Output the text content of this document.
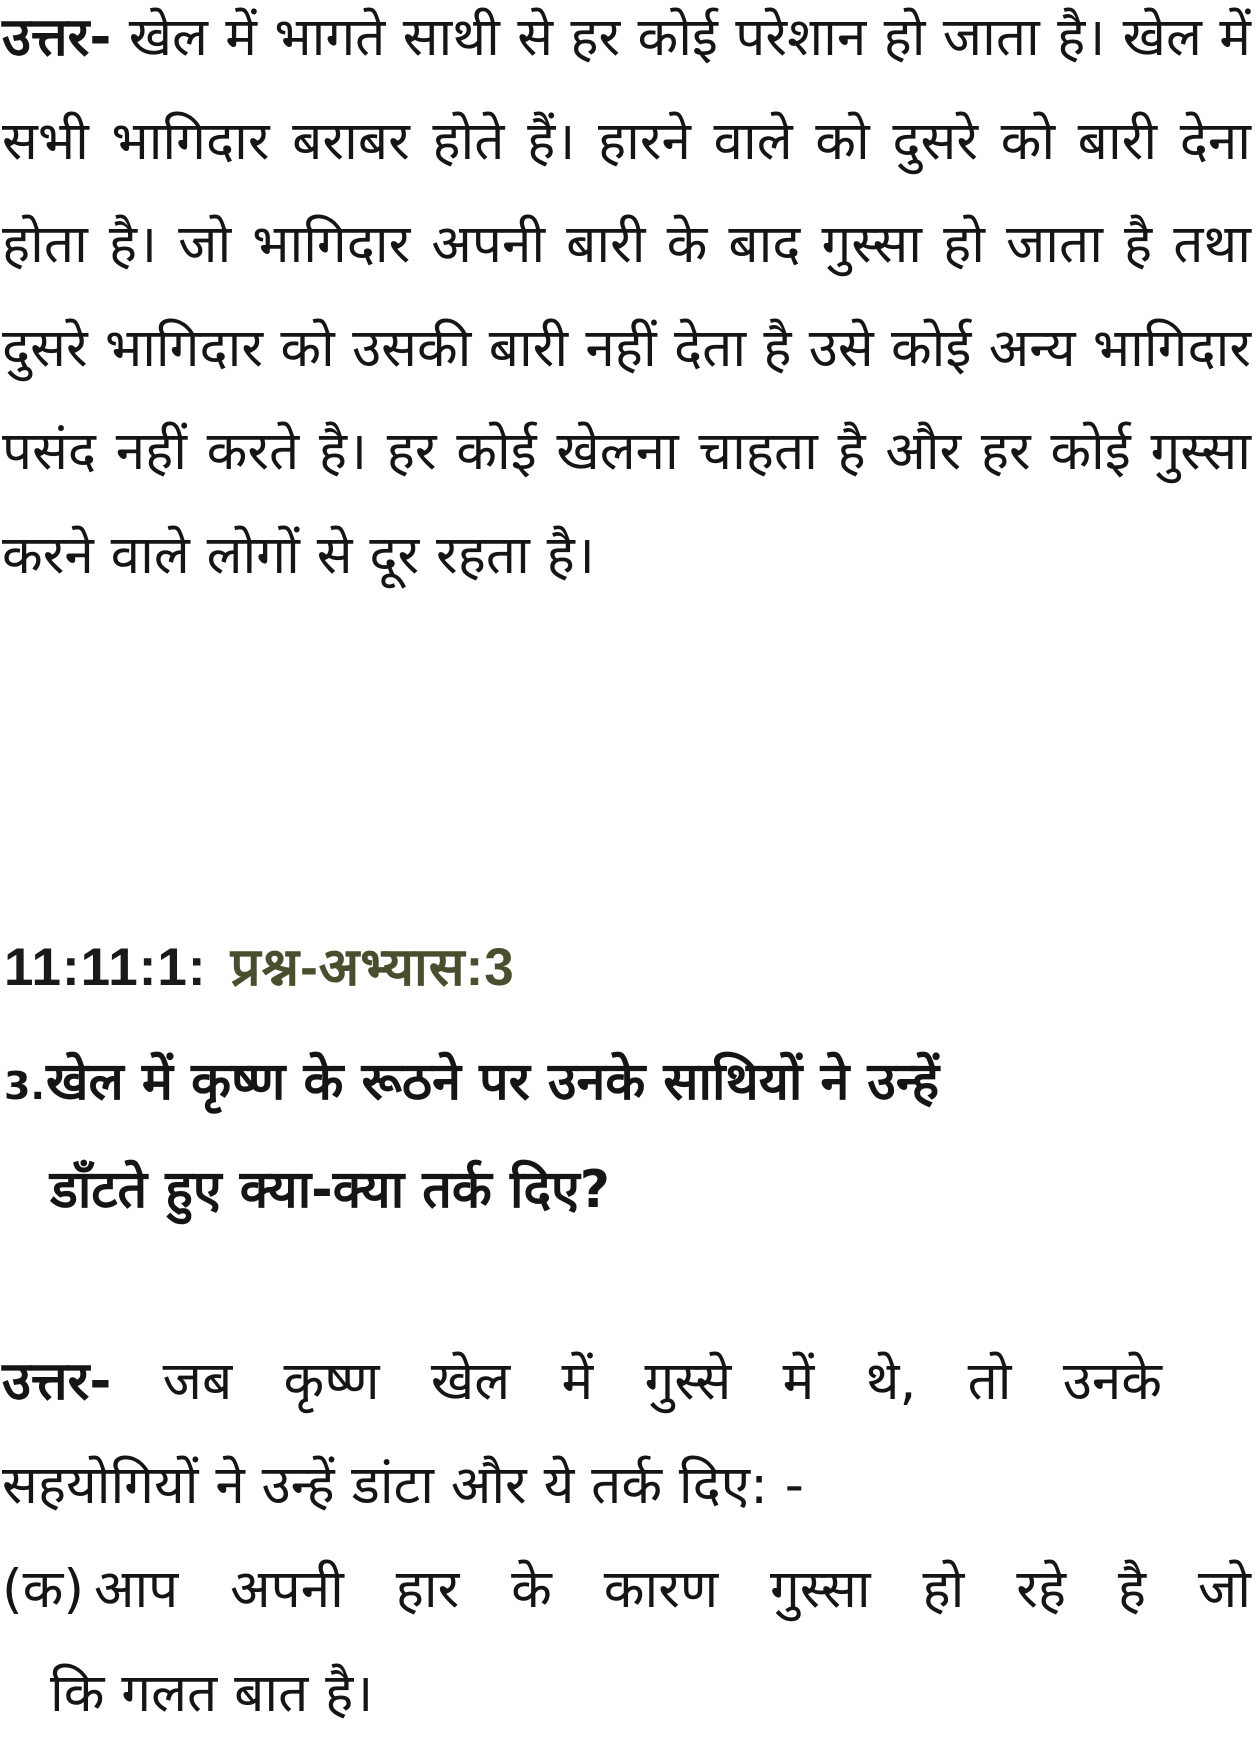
उत्तर- खेल में भागते साथी से हर कोई परेशान हो जाता है। खेल में सभी भागिदार बराबर होते हैं। हारने वाले को दुसरे को बारी देना होता है। जो भागिदार अपनी बारी के बाद गुस्सा हो जाता है तथा दुसरे भागिदार को उसकी बारी नहीं देता है उसे कोई अन्य भागिदार पसंद नहीं करते है। हर कोई खेलना चाहता है और हर कोई गुस्सा करने वाले लोगों से दूर रहता है।

11:11:1: प्रश्न-अभ्यास:3
3.खेल में कृष्ण के रूठने पर उनके साथियों ने उन्हें
डाँटते हुए क्या-क्या तर्क दिए?
उत्तर- जब कृष्ण खेल में गुस्से में थे, तो उनके
सहयोगियों ने उन्हें डांटा और ये तर्क दिए: -
(क) आप अपनी हार के कारण गुस्सा हो रहे है जो
कि गलत बात है।
